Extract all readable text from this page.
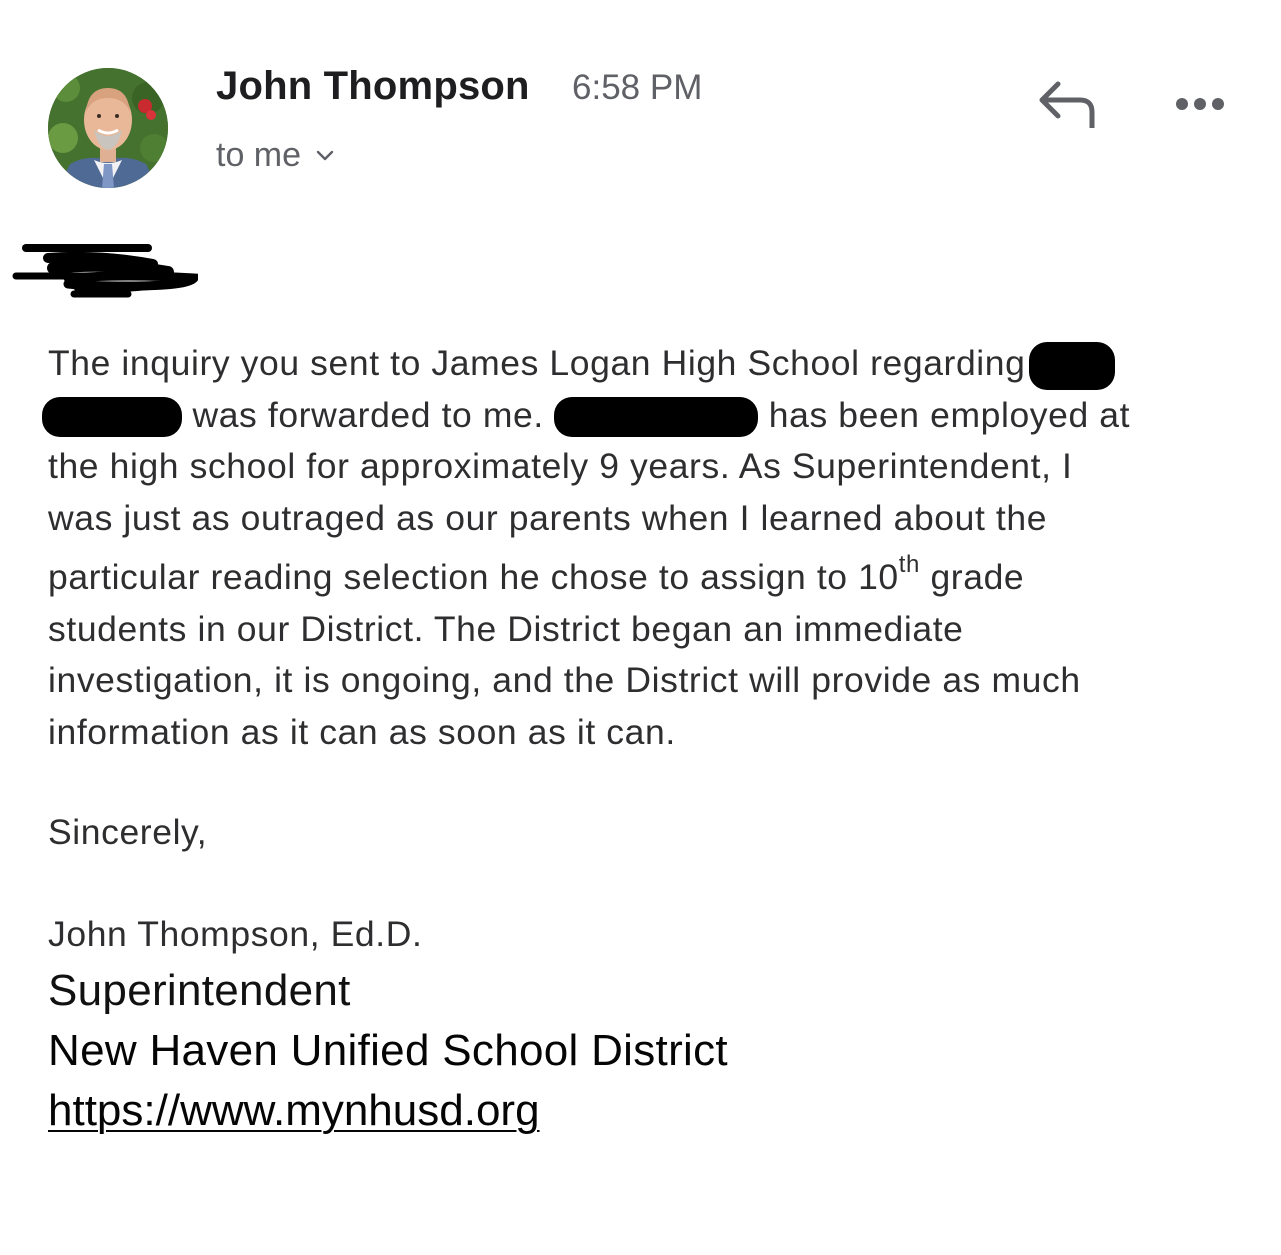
John Thompson 6:58 PM
to me
The inquiry you sent to James Logan High School regarding
was forwarded to me.	has been employed at
the high school for approximately 9 years. As Superintendent, I
was just as outraged as our parents when I learned about the
particular reading selection he chose to assign to 10th grade
students in our District. The District began an immediate
investigation, it is ongoing, and the District will provide as much
information as it can as soon as it can.
Sincerely,
John Thompson, Ed.D.
Superintendent
New Haven Unified School District
https://www.mynhusd.org
